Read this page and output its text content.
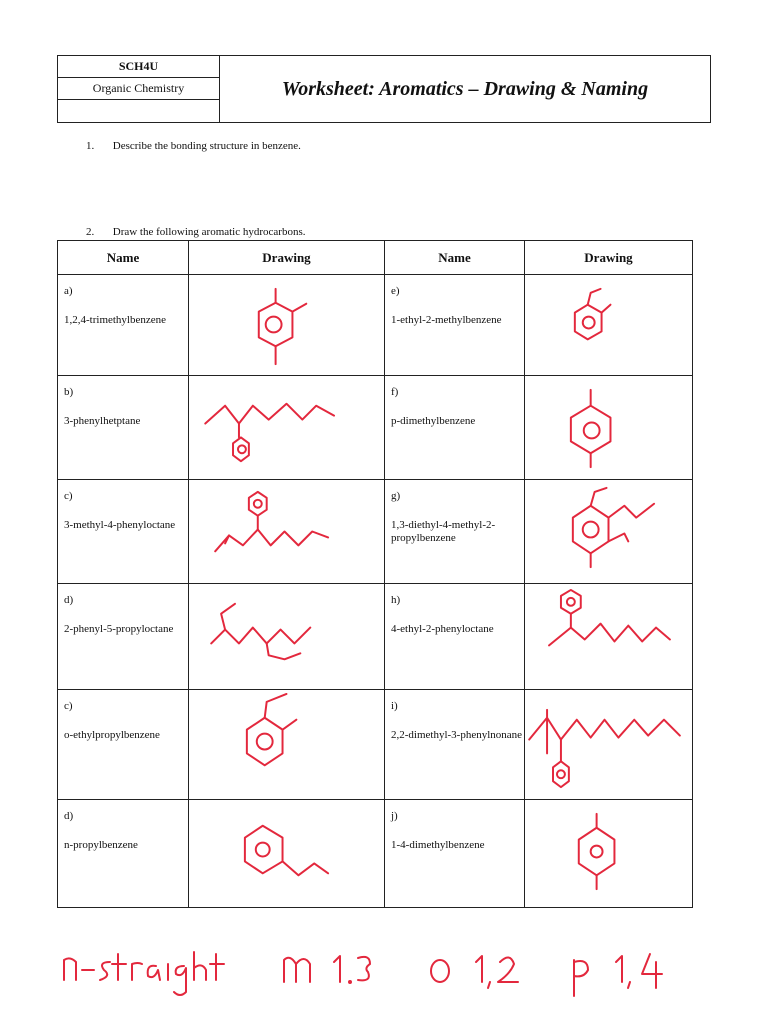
SCH4U
Organic Chemistry	Worksheet: Aromatics – Drawing & Naming
1. Describe the bonding structure in benzene.
2. Draw the following aromatic hydrocarbons.
Name	Drawing	Name	Drawing

a)
1,2,4-trimethylbenzene		e)
1-ethyl-2-methylbenzene	

b)
3-phenylhetptane		f)
p-dimethylbenzene	

c)
3-methyl-4-phenyloctane		g)
1,3-diethyl-4-methyl-2-propylbenzene	

d)
2-phenyl-5-propyloctane		h)
4-ethyl-2-phenyloctane	

c)
o-ethylpropylbenzene		i)
2,2-dimethyl-3-phenylnonane	

d)
n-propylbenzene		j)
1-4-dimethylbenzene	
